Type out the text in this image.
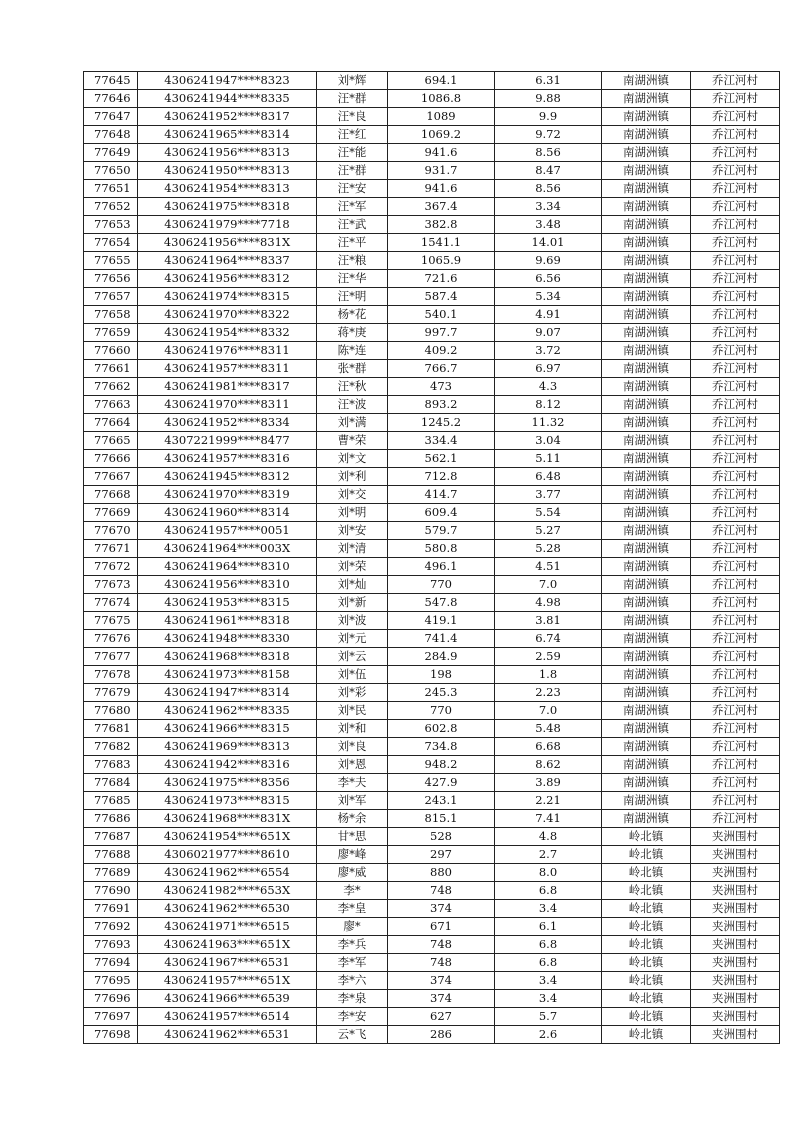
77645	4306241947****8323	刘*辉	694.1	6.31	南湖洲镇	乔江河村
77646	4306241944****8335	汪*群	1086.8	9.88	南湖洲镇	乔江河村
77647	4306241952****8317	汪*良	1089	9.9	南湖洲镇	乔江河村
77648	4306241965****8314	汪*红	1069.2	9.72	南湖洲镇	乔江河村
77649	4306241956****8313	汪*能	941.6	8.56	南湖洲镇	乔江河村
77650	4306241950****8313	汪*群	931.7	8.47	南湖洲镇	乔江河村
77651	4306241954****8313	汪*安	941.6	8.56	南湖洲镇	乔江河村
77652	4306241975****8318	汪*军	367.4	3.34	南湖洲镇	乔江河村
77653	4306241979****7718	汪*武	382.8	3.48	南湖洲镇	乔江河村
77654	4306241956****831X	汪*平	1541.1	14.01	南湖洲镇	乔江河村
77655	4306241964****8337	汪*粮	1065.9	9.69	南湖洲镇	乔江河村
77656	4306241956****8312	汪*华	721.6	6.56	南湖洲镇	乔江河村
77657	4306241974****8315	汪*明	587.4	5.34	南湖洲镇	乔江河村
77658	4306241970****8322	杨*花	540.1	4.91	南湖洲镇	乔江河村
77659	4306241954****8332	蒋*庚	997.7	9.07	南湖洲镇	乔江河村
77660	4306241976****8311	陈*连	409.2	3.72	南湖洲镇	乔江河村
77661	4306241957****8311	张*群	766.7	6.97	南湖洲镇	乔江河村
77662	4306241981****8317	汪*秋	473	4.3	南湖洲镇	乔江河村
77663	4306241970****8311	汪*波	893.2	8.12	南湖洲镇	乔江河村
77664	4306241952****8334	刘*满	1245.2	11.32	南湖洲镇	乔江河村
77665	4307221999****8477	曹*荣	334.4	3.04	南湖洲镇	乔江河村
77666	4306241957****8316	刘*文	562.1	5.11	南湖洲镇	乔江河村
77667	4306241945****8312	刘*利	712.8	6.48	南湖洲镇	乔江河村
77668	4306241970****8319	刘*交	414.7	3.77	南湖洲镇	乔江河村
77669	4306241960****8314	刘*明	609.4	5.54	南湖洲镇	乔江河村
77670	4306241957****0051	刘*安	579.7	5.27	南湖洲镇	乔江河村
77671	4306241964****003X	刘*清	580.8	5.28	南湖洲镇	乔江河村
77672	4306241964****8310	刘*荣	496.1	4.51	南湖洲镇	乔江河村
77673	4306241956****8310	刘*灿	770	7.0	南湖洲镇	乔江河村
77674	4306241953****8315	刘*新	547.8	4.98	南湖洲镇	乔江河村
77675	4306241961****8318	刘*波	419.1	3.81	南湖洲镇	乔江河村
77676	4306241948****8330	刘*元	741.4	6.74	南湖洲镇	乔江河村
77677	4306241968****8318	刘*云	284.9	2.59	南湖洲镇	乔江河村
77678	4306241973****8158	刘*伍	198	1.8	南湖洲镇	乔江河村
77679	4306241947****8314	刘*彩	245.3	2.23	南湖洲镇	乔江河村
77680	4306241962****8335	刘*民	770	7.0	南湖洲镇	乔江河村
77681	4306241966****8315	刘*和	602.8	5.48	南湖洲镇	乔江河村
77682	4306241969****8313	刘*良	734.8	6.68	南湖洲镇	乔江河村
77683	4306241942****8316	刘*恩	948.2	8.62	南湖洲镇	乔江河村
77684	4306241975****8356	李*夫	427.9	3.89	南湖洲镇	乔江河村
77685	4306241973****8315	刘*军	243.1	2.21	南湖洲镇	乔江河村
77686	4306241968****831X	杨*余	815.1	7.41	南湖洲镇	乔江河村
77687	4306241954****651X	甘*思	528	4.8	岭北镇	夹洲围村
77688	4306021977****8610	廖*峰	297	2.7	岭北镇	夹洲围村
77689	4306241962****6554	廖*威	880	8.0	岭北镇	夹洲围村
77690	4306241982****653X	李*	748	6.8	岭北镇	夹洲围村
77691	4306241962****6530	李*皇	374	3.4	岭北镇	夹洲围村
77692	4306241971****6515	廖*	671	6.1	岭北镇	夹洲围村
77693	4306241963****651X	李*兵	748	6.8	岭北镇	夹洲围村
77694	4306241967****6531	李*军	748	6.8	岭北镇	夹洲围村
77695	4306241957****651X	李*六	374	3.4	岭北镇	夹洲围村
77696	4306241966****6539	李*泉	374	3.4	岭北镇	夹洲围村
77697	4306241957****6514	李*安	627	5.7	岭北镇	夹洲围村
77698	4306241962****6531	云*飞	286	2.6	岭北镇	夹洲围村
